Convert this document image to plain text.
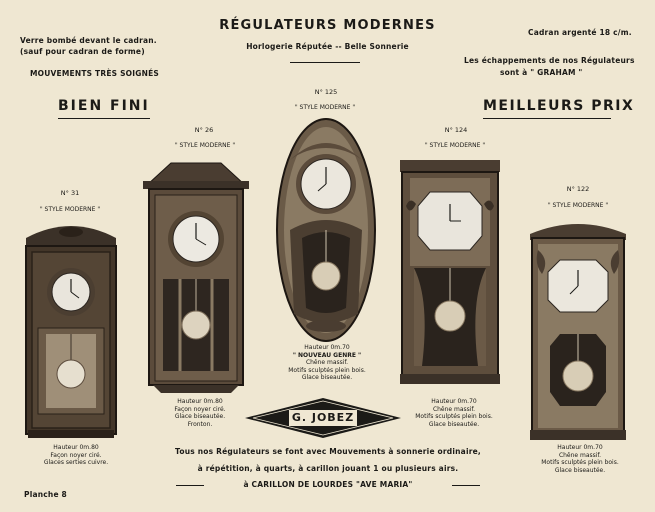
Verre bombé devant le cadran.
(sauf pour cadran de forme)
MOUVEMENTS TRÈS SOIGNÉS
RÉGULATEURS MODERNES
Horlogerie Réputée -- Belle Sonnerie
Cadran argenté 18 c/m.
Les échappements de nos Régulateurs
sont à " GRAHAM "
BIEN FINI	MEILLEURS PRIX
N° 31
" STYLE MODERNE "
Hauteur 0m.80
Façon noyer ciré.
Glaces serties cuivre.
N° 26
" STYLE MODERNE "
Hauteur 0m.80
Façon noyer ciré.
Glace biseautée.
Fronton.
N° 125
" STYLE MODERNE "
Hauteur 0m.70
" NOUVEAU GENRE "
Chêne massif.
Motifs sculptés plein bois.
Glace biseautée.
N° 124
" STYLE MODERNE "
Hauteur 0m.70
Chêne massif.
Motifs sculptés plein bois.
Glace biseautée.
N° 122
" STYLE MODERNE "
Hauteur 0m.70
Chêne massif.
Motifs sculptés plein bois.
Glace biseautée.
G. JOBEZ
Tous nos Régulateurs se font avec Mouvements à sonnerie ordinaire,
à répétition, à quarts, à carillon jouant 1 ou plusieurs airs.
à CARILLON DE LOURDES "AVE MARIA"
Planche 8
